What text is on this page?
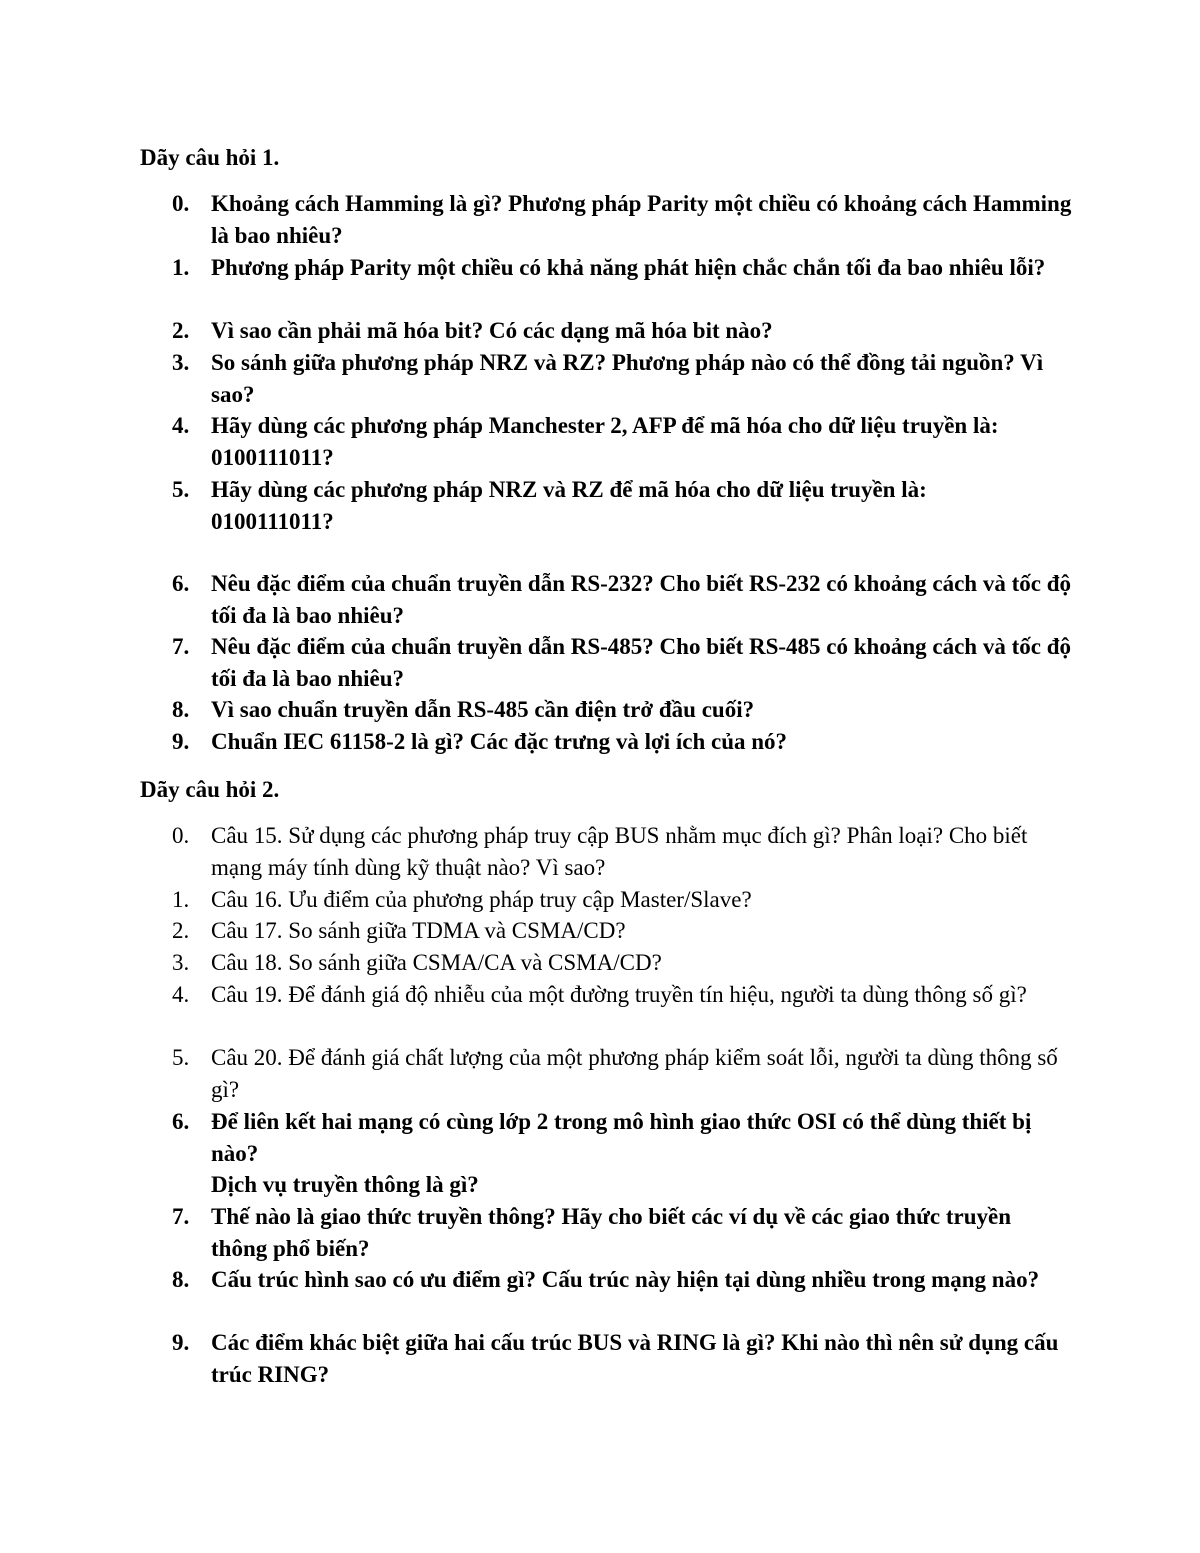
Dãy câu hỏi 1.
0. Khoảng cách Hamming là gì? Phương pháp Parity một chiều có khoảng cách Hamming là bao nhiêu?
1. Phương pháp Parity một chiều có khả năng phát hiện chắc chắn tối đa bao nhiêu lỗi?
2. Vì sao cần phải mã hóa bit? Có các dạng mã hóa bit nào?
3. So sánh giữa phương pháp NRZ và RZ? Phương pháp nào có thể đồng tải nguồn? Vì sao?
4. Hãy dùng các phương pháp Manchester 2, AFP để mã hóa cho dữ liệu truyền là:
0100111011?
5. Hãy dùng các phương pháp NRZ và RZ để mã hóa cho dữ liệu truyền là:
0100111011?
6. Nêu đặc điểm của chuẩn truyền dẫn RS-232? Cho biết RS-232 có khoảng cách và tốc độ tối đa là bao nhiêu?
7. Nêu đặc điểm của chuẩn truyền dẫn RS-485? Cho biết RS-485 có khoảng cách và tốc độ tối đa là bao nhiêu?
8. Vì sao chuẩn truyền dẫn RS-485 cần điện trở đầu cuối?
9. Chuẩn IEC 61158-2 là gì? Các đặc trưng và lợi ích của nó?
Dãy câu hỏi 2.
0. Câu 15. Sử dụng các phương pháp truy cập BUS nhằm mục đích gì? Phân loại? Cho biết mạng máy tính dùng kỹ thuật nào? Vì sao?
1. Câu 16. Ưu điểm của phương pháp truy cập Master/Slave?
2. Câu 17. So sánh giữa TDMA và CSMA/CD?
3. Câu 18. So sánh giữa CSMA/CA và CSMA/CD?
4. Câu 19. Để đánh giá độ nhiễu của một đường truyền tín hiệu, người ta dùng thông số gì?
5. Câu 20. Để đánh giá chất lượng của một phương pháp kiểm soát lỗi, người ta dùng thông số gì?
6. Để liên kết hai mạng có cùng lớp 2 trong mô hình giao thức OSI có thể dùng thiết bị nào?
Dịch vụ truyền thông là gì?
7. Thế nào là giao thức truyền thông? Hãy cho biết các ví dụ về các giao thức truyền thông phổ biến?
8. Cấu trúc hình sao có ưu điểm gì? Cấu trúc này hiện tại dùng nhiều trong mạng nào?
9. Các điểm khác biệt giữa hai cấu trúc BUS và RING là gì? Khi nào thì nên sử dụng cấu trúc RING?
